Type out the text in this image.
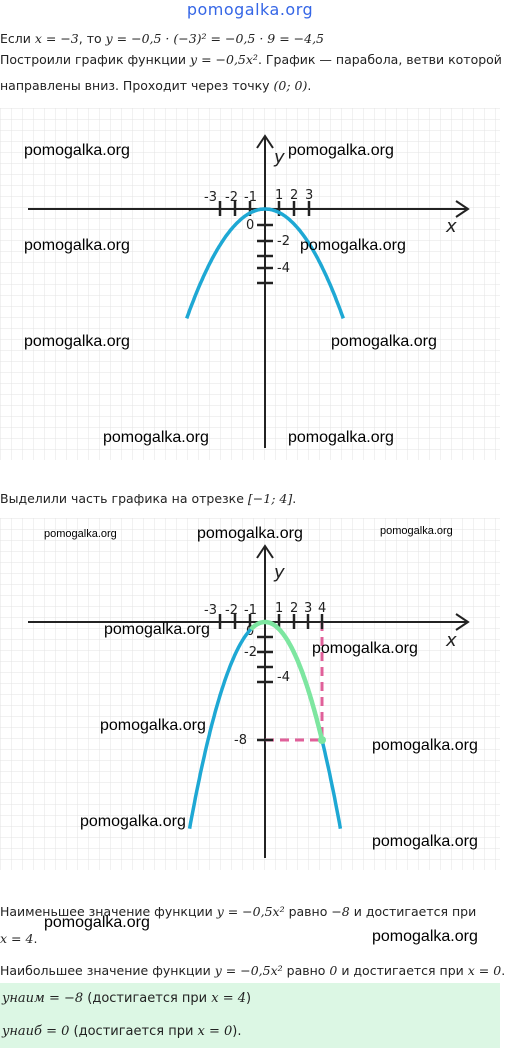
pomogalka.org
Если x = −3, то y = −0,5 · (−3)² = −0,5 · 9 = −4,5
Построили график функции y = −0,5x². График — парабола, ветви которой
направлены вниз. Проходит через точку (0; 0).
-3 -2 -1 1 2 3
0
-2
-4
x
y
pomogalka.org	pomogalka.org
pomogalka.org	pomogalka.org
pomogalka.org	pomogalka.org
pomogalka.org	pomogalka.org
Выделили часть графика на отрезке [−1; 4].
-3 -2 -1 1 2 3 4
0
-2
-4
-8
x
y
pomogalka.org	pomogalka.org	pomogalka.org
pomogalka.org
pomogalka.org
pomogalka.org
pomogalka.org
pomogalka.org
pomogalka.org
Наименьшее значение функции y = −0,5x² равно −8 и достигается при
x = 4.
pomogalka.org
pomogalka.org
Наибольшее значение функции y = −0,5x² равно 0 и достигается при x = 0.
yнаим = −8 (достигается при x = 4)
yнаиб = 0 (достигается при x = 0).
